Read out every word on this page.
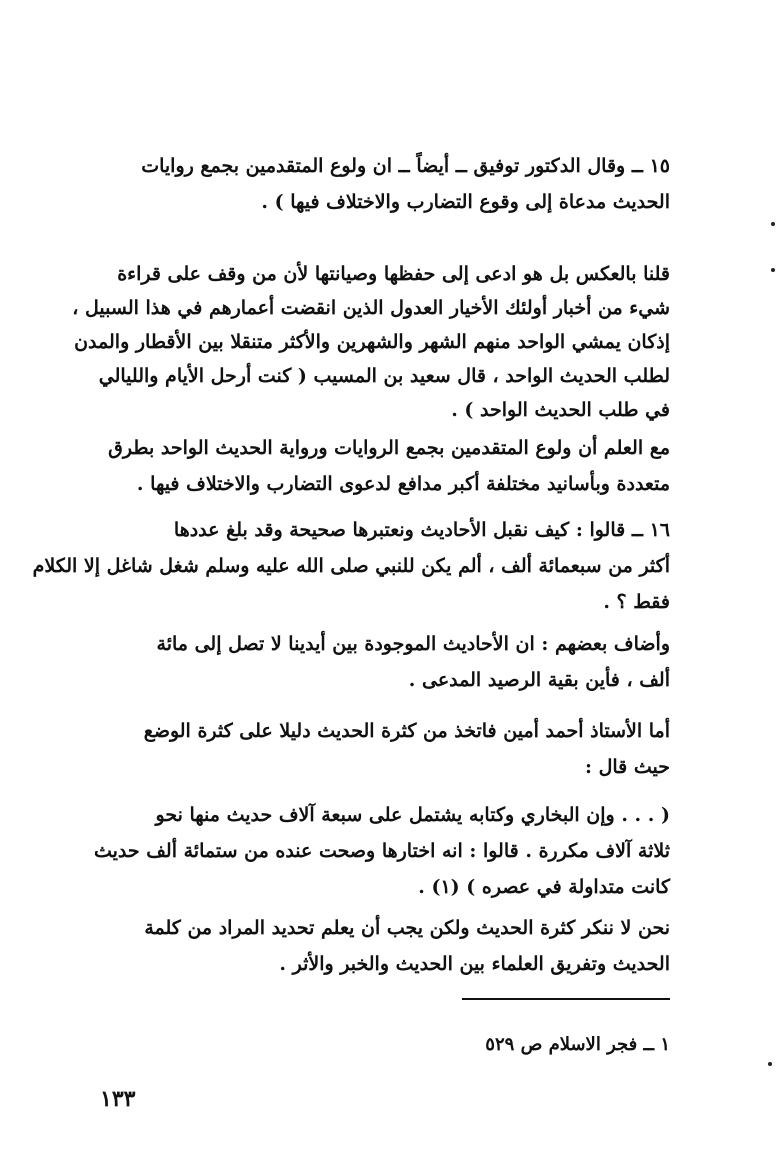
١٥ ــ وقال الدكتور توفيق ــ أيضاً ــ ان ولوع المتقدمين بجمع روايات
الحديث مدعاة إلى وقوع التضارب والاختلاف فيها ) .
قلنا بالعكس بل هو ادعى إلى حفظها وصيانتها لأن من وقف على قراءة
شيء من أخبار أولئك الأخيار العدول الذين انقضت أعمارهم في هذا السبيل ،
إذكان يمشي الواحد منهم الشهر والشهرين والأكثر متنقلا بين الأقطار والمدن
لطلب الحديث الواحد ، قال سعيد بن المسيب ( كنت أرحل الأيام والليالي
في طلب الحديث الواحد ) .
مع العلم أن ولوع المتقدمين بجمع الروايات ورواية الحديث الواحد بطرق
متعددة وبأسانيد مختلفة أكبر مدافع لدعوى التضارب والاختلاف فيها .
١٦ ــ قالوا : كيف نقبل الأحاديث ونعتبرها صحيحة وقد بلغ عددها
أكثر من سبعمائة ألف ، ألم يكن للنبي صلى الله عليه وسلم شغل شاغل إلا الكلام
فقط ؟ .
وأضاف بعضهم : ان الأحاديث الموجودة بين أيدينا لا تصل إلى مائة
ألف ، فأين بقية الرصيد المدعى .
أما الأستاذ أحمد أمين فاتخذ من كثرة الحديث دليلا على كثرة الوضع
حيث قال :
( . . . وإن البخاري وكتابه يشتمل على سبعة آلاف حديث منها نحو
ثلاثة آلاف مكررة . قالوا : انه اختارها وصحت عنده من ستمائة ألف حديث
كانت متداولة في عصره ) (١) .
نحن لا ننكر كثرة الحديث ولكن يجب أن يعلم تحديد المراد من كلمة
الحديث وتفريق العلماء بين الحديث والخبر والأثر .
١ ــ فجر الاسلام ص ٥٢٩
١٣٣
